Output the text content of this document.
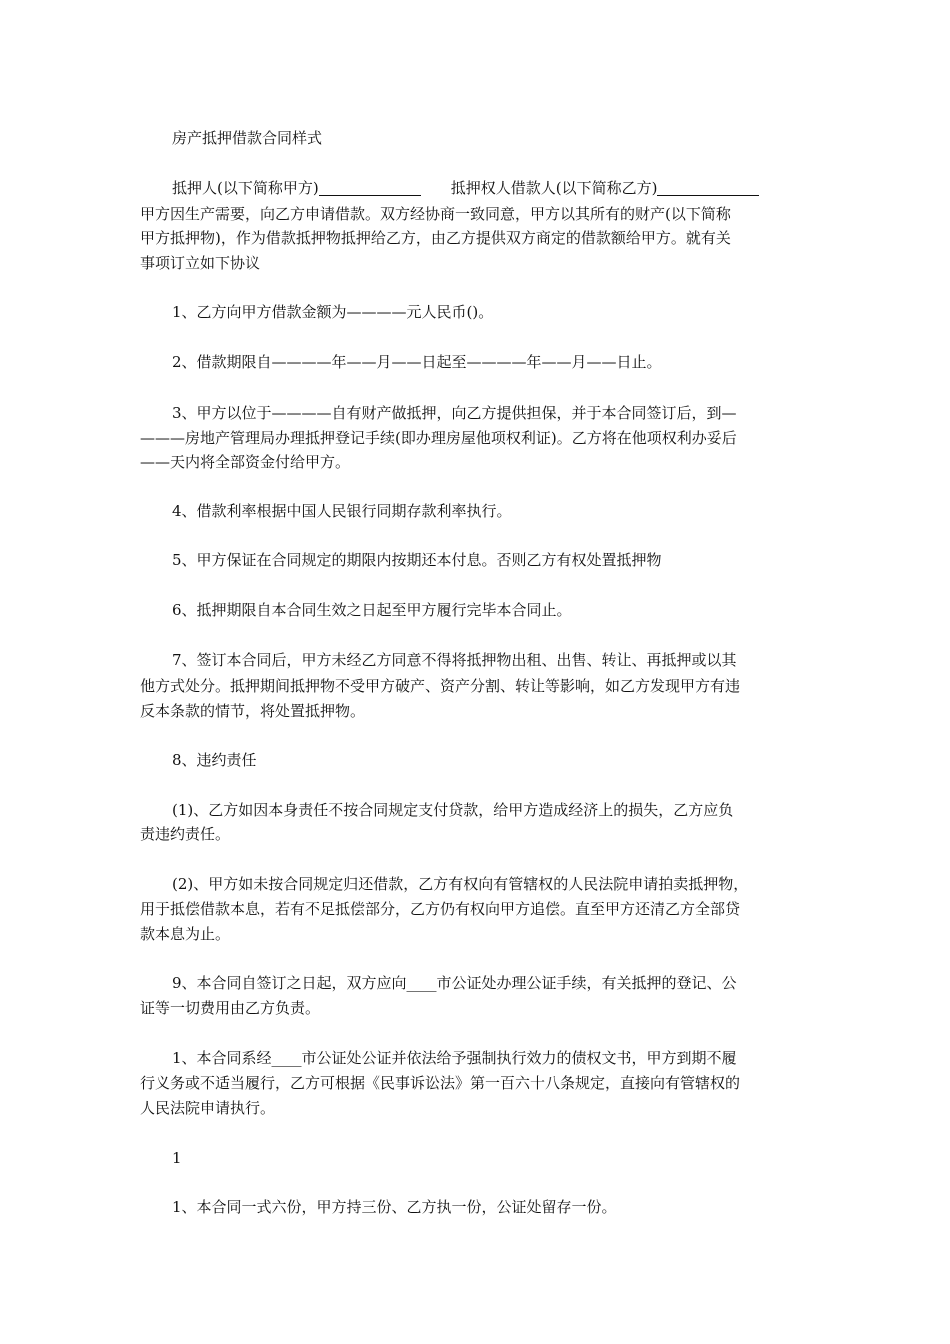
房产抵押借款合同样式
抵押人(以下简称甲方)	抵押权人借款人(以下简称乙方)
甲方因生产需要，向乙方申请借款。双方经协商一致同意，甲方以其所有的财产(以下简称
甲方抵押物)，作为借款抵押物抵押给乙方，由乙方提供双方商定的借款额给甲方。就有关
事项订立如下协议
1、乙方向甲方借款金额为————元人民币()。
2、借款期限自————年——月——日起至————年——月——日止。
3、甲方以位于————自有财产做抵押，向乙方提供担保，并于本合同签订后，到—
———房地产管理局办理抵押登记手续(即办理房屋他项权利证)。乙方将在他项权利办妥后
——天内将全部资金付给甲方。
4、借款利率根据中国人民银行同期存款利率执行。
5、甲方保证在合同规定的期限内按期还本付息。否则乙方有权处置抵押物
6、抵押期限自本合同生效之日起至甲方履行完毕本合同止。
7、签订本合同后，甲方未经乙方同意不得将抵押物出租、出售、转让、再抵押或以其
他方式处分。抵押期间抵押物不受甲方破产、资产分割、转让等影响，如乙方发现甲方有违
反本条款的情节，将处置抵押物。
8、违约责任
(1)、乙方如因本身责任不按合同规定支付贷款，给甲方造成经济上的损失，乙方应负
责违约责任。
(2)、甲方如未按合同规定归还借款，乙方有权向有管辖权的人民法院申请拍卖抵押物，
用于抵偿借款本息，若有不足抵偿部分，乙方仍有权向甲方追偿。直至甲方还清乙方全部贷
款本息为止。
9、本合同自签订之日起，双方应向____市公证处办理公证手续，有关抵押的登记、公
证等一切费用由乙方负责。
1、本合同系经____市公证处公证并依法给予强制执行效力的债权文书，甲方到期不履
行义务或不适当履行，乙方可根据《民事诉讼法》第一百六十八条规定，直接向有管辖权的
人民法院申请执行。
1
1、本合同一式六份，甲方持三份、乙方执一份，公证处留存一份。
